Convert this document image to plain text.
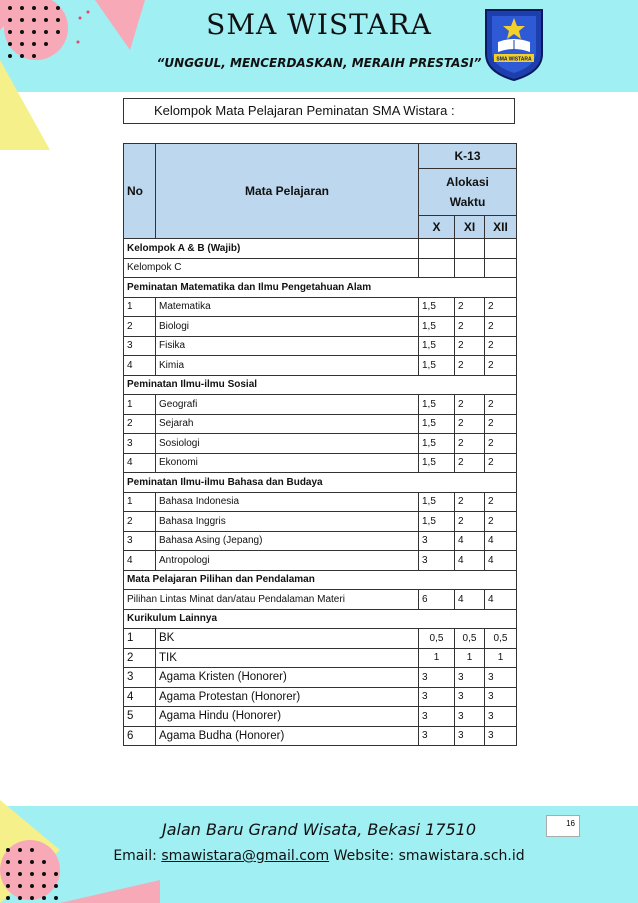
SMA WISTARA
“UNGGUL, MENCERDASKAN, MERAIH PRESTASI”	SMA WISTARA
Kelompok Mata Pelajaran Peminatan SMA Wistara :
No	Mata Pelajaran	K-13		

		Alokasi
Waktu		

		X	XI	XII
Kelompok A & B (Wajib)				
Kelompok C				
Peminatan Matematika dan Ilmu Pengetahuan Alam				
1	Matematika	1,5	2	2
2	Biologi	1,5	2	2
3	Fisika	1,5	2	2
4	Kimia	1,5	2	2
Peminatan Ilmu-ilmu Sosial				
1	Geografi	1,5	2	2
2	Sejarah	1,5	2	2
3	Sosiologi	1,5	2	2
4	Ekonomi	1,5	2	2
Peminatan Ilmu-ilmu Bahasa dan Budaya				
1	Bahasa Indonesia	1,5	2	2
2	Bahasa Inggris	1,5	2	2
3	Bahasa Asing (Jepang)	3	4	4
4	Antropologi	3	4	4
Mata Pelajaran Pilihan dan Pendalaman				
Pilihan Lintas Minat dan/atau Pendalaman Materi		6	4	4
Kurikulum Lainnya				
1	BK	0,5	0,5	0,5
2	TIK	1	1	1
3	Agama Kristen (Honorer)	3	3	3
4	Agama Protestan (Honorer)	3	3	3
5	Agama Hindu (Honorer)	3	3	3
6	Agama Budha (Honorer)	3	3	3
16
Jalan Baru Grand Wisata, Bekasi 17510
Email: smawistara@gmail.com Website: smawistara.sch.id
